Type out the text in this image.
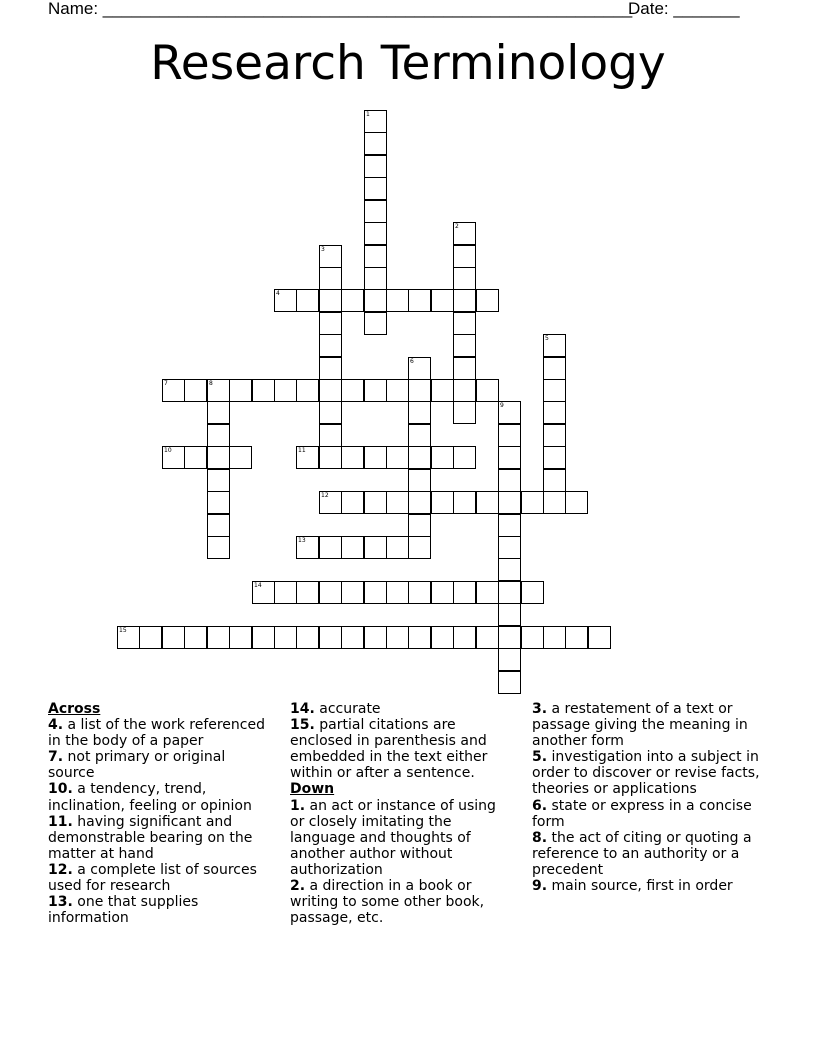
Name: ________________________________________________________
Date: _______
Research Terminology
1
2
3
4
5
6
7	8
9
10	11
12
13
14
15
Across
4. a list of the work referenced in the body of a paper
7. not primary or original source
10. a tendency, trend, inclination, feeling or opinion
11. having significant and demonstrable bearing on the matter at hand
12. a complete list of sources used for research
13. one that supplies information
14. accurate
15. partial citations are enclosed in parenthesis and embedded in the text either within or after a sentence.
Down
1. an act or instance of using or closely imitating the language and thoughts of another author without authorization
2. a direction in a book or writing to some other book, passage, etc.
3. a restatement of a text or passage giving the meaning in another form
5. investigation into a subject in order to discover or revise facts, theories or applications
6. state or express in a concise form
8. the act of citing or quoting a reference to an authority or a precedent
9. main source, first in order
